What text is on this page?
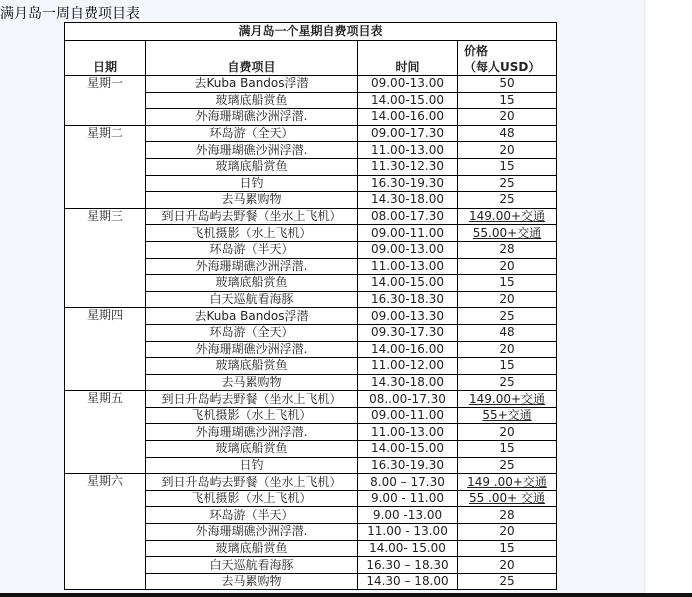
满月岛一周自费项目表
满月岛一个星期自费项目表			
日期	自费项目	时间	价格
（每人USD）

星期一	去Kuba Bandos浮潜	09.00-13.00	50
	玻璃底船赏鱼	14.00-15.00	15
	外海珊瑚礁沙洲浮潜.	14.00-16.00	20
星期二	环岛游（全天）	09.00-17.30	48
	外海珊瑚礁沙洲浮潜.	11.00-13.00	20
	玻璃底船赏鱼	11.30-12.30	15
	日钓	16.30-19.30	25
	去马累购物	14.30-18.00	25
星期三	到日升岛屿去野餐（坐水上飞机）	08.00-17.30	149.00+交通
	飞机摄影（水上飞机）	09.00-11.00	55.00+交通
	环岛游（半天）	09.00-13.00	28
	外海珊瑚礁沙洲浮潜.	11.00-13.00	20
	玻璃底船赏鱼	14.00-15.00	15
	白天巡航看海豚	16.30-18.30	20
星期四	去Kuba Bandos浮潜	09.00-13.30	25
	环岛游（全天）	09.30-17.30	48
	外海珊瑚礁沙洲浮潜.	14.00-16.00	20
	玻璃底船赏鱼	11.00-12.00	15
	去马累购物	14.30-18.00	25
星期五	到日升岛屿去野餐（坐水上飞机）	08..00-17.30	149.00+交通
	飞机摄影（水上飞机）	09.00-11.00	55+交通
	外海珊瑚礁沙洲浮潜.	11.00-13.00	20
	玻璃底船赏鱼	14.00-15.00	15
	日钓	16.30-19.30	25
星期六	到日升岛屿去野餐（坐水上飞机）	8.00 – 17.30	149 .00+交通
	飞机摄影（水上飞机）	9.00 - 11.00	55 .00+ 交通
	环岛游（半天）	9.00 -13.00	28
	外海珊瑚礁沙洲浮潜.	11.00 - 13.00	20
	玻璃底船赏鱼	14.00- 15.00	15
	白天巡航看海豚	16.30 – 18.30	20
	去马累购物	14.30 – 18.00	25
